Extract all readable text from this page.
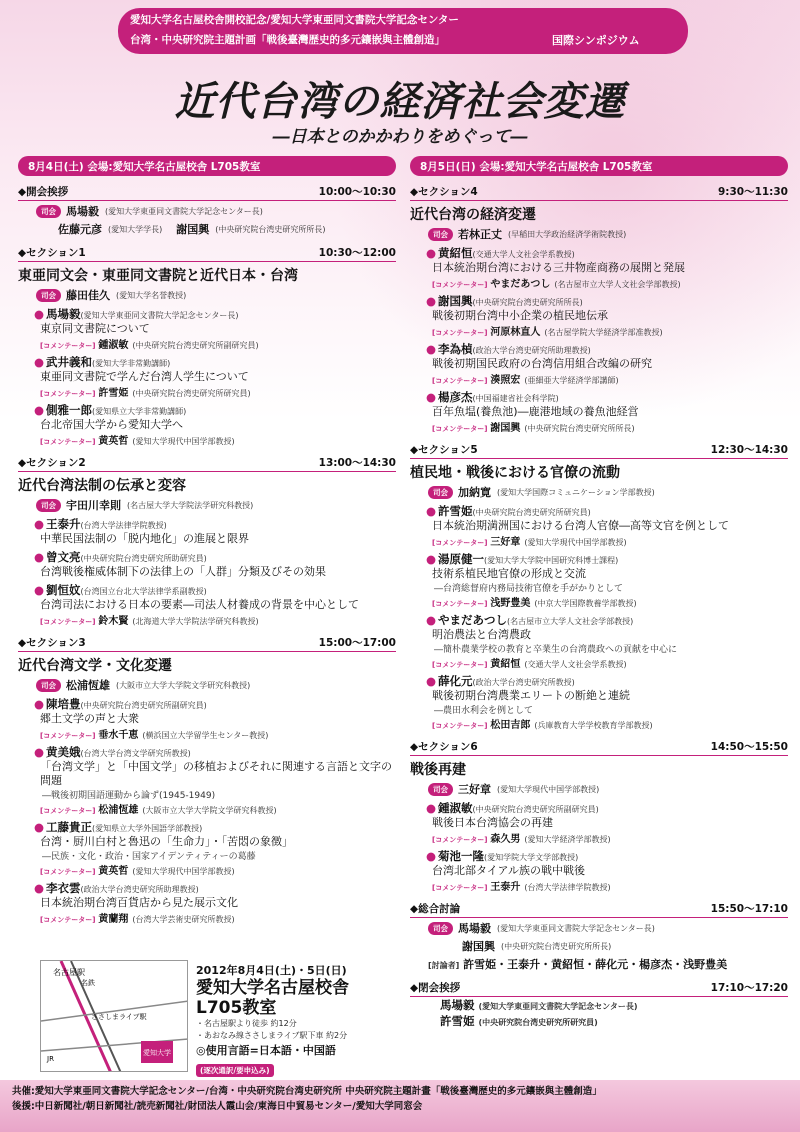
愛知大学名古屋校舎開校記念/愛知大学東亜同文書院大学記念センター
台湾・中央研究院主題計画「戦後臺灣歴史的多元鑲嵌與主體創造」	国際シンポジウム
近代台湾の経済社会変遷
―日本とのかかわりをめぐって―
8月4日(土) 会場:愛知大学名古屋校舎 L705教室
◆開会挨拶	10:00～10:30
司会 馬場毅 (愛知大学東亜同文書院大学記念センター長)
佐藤元彦 (愛知大学学長) 謝国興 (中央研究院台湾史研究所所長)
◆セクション1	10:30～12:00
東亜同文会・東亜同文書院と近代日本・台湾
司会 藤田佳久 (愛知大学名誉教授)
● 馬場毅(愛知大学東亜同文書院大学記念センター長)
東京同文書院について
[コメンテーター] 鍾淑敏 (中央研究院台湾史研究所副研究員)
● 武井義和(愛知大学非常勤講師)
東亜同文書院で学んだ台湾人学生について
[コメンテーター] 許雪姫 (中央研究院台湾史研究所研究員)
● 側雅一郎(愛知県立大学非常勤講師)
台北帝国大学から愛知大学へ
[コメンテーター] 黄英哲 (愛知大学現代中国学部教授)
◆セクション2	13:00～14:30
近代台湾法制の伝承と変容
司会 宇田川幸則 (名古屋大学大学院法学研究科教授)
● 王泰升(台湾大学法律学院教授)
中華民国法制の「脱内地化」の進展と限界
● 曾文亮(中央研究院台湾史研究所助研究員)
台湾戦後権威体制下の法律上の「人群」分類及びその効果
● 劉恒妏(台湾国立台北大学法律学系副教授)
台湾司法における日本の要素―司法人材養成の背景を中心として
[コメンテーター] 鈴木賢 (北海道大学大学院法学研究科教授)
◆セクション3	15:00～17:00
近代台湾文学・文化変遷
司会 松浦恆雄 (大阪市立大学大学院文学研究科教授)
● 陳培豊(中央研究院台湾史研究所副研究員)
郷土文学の声と大衆
[コメンテーター] 垂水千恵 (横浜国立大学留学生センター教授)
● 黄美娥(台湾大学台湾文学研究所教授)
「台湾文学」と「中国文学」の移植およびそれに関連する言語と文字の問題
―戦後初期国語運動から論ず(1945-1949)
[コメンテーター] 松浦恆雄 (大阪市立大学大学院文学研究科教授)
● 工藤貴正(愛知県立大学外国語学部教授)
台湾・厨川白村と魯迅の「生命力」・「苦悶の象徴」
―民族・文化・政治・国家アイデンティティーの葛藤
[コメンテーター] 黄英哲 (愛知大学現代中国学部教授)
● 李衣雲(政治大学台湾史研究所助理教授)
日本統治期台湾百貨店から見た展示文化
[コメンテーター] 黄蘭翔 (台湾大学芸術史研究所教授)
8月5日(日) 会場:愛知大学名古屋校舎 L705教室
◆セクション4	9:30～11:30
近代台湾の経済変遷
司会 若林正丈 (早稲田大学政治経済学術院教授)
● 黄紹恒(交通大学人文社会学系教授)
日本統治期台湾における三井物産商務の展開と発展
[コメンテーター] やまだあつし (名古屋市立大学人文社会学部教授)
● 謝国興(中央研究院台湾史研究所所長)
戦後初期台湾中小企業の植民地伝承
[コメンテーター] 河原林直人 (名古屋学院大学経済学部准教授)
● 李為楨(政治大学台湾史研究所助理教授)
戦後初期国民政府の台湾信用組合改編の研究
[コメンテーター] 湊照宏 (亜細亜大学経済学部講師)
● 楊彦杰(中国福建省社会科学院)
百年魚塭(養魚池)―鹿港地域の養魚池経営
[コメンテーター] 謝国興 (中央研究院台湾史研究所所長)
◆セクション5	12:30～14:30
植民地・戦後における官僚の流動
司会 加納寛 (愛知大学国際コミュニケーション学部教授)
● 許雪姫(中央研究院台湾史研究所研究員)
日本統治期満洲国における台湾人官僚―高等文官を例として
[コメンテーター] 三好章 (愛知大学現代中国学部教授)
● 湯原健一(愛知大学大学院中国研究科博士課程)
技術系植民地官僚の形成と交流
―台湾総督府内務局技術官僚を手がかりとして
[コメンテーター] 浅野豊美 (中京大学国際教養学部教授)
● やまだあつし(名古屋市立大学人文社会学部教授)
明治農法と台湾農政
―簡朴農業学校の教育と卒業生の台湾農政への貢献を中心に
[コメンテーター] 黄紹恒 (交通大学人文社会学系教授)
● 薛化元(政治大学台湾史研究所教授)
戦後初期台湾農業エリートの断絶と連続
―農田水利会を例として
[コメンテーター] 松田吉郎 (兵庫教育大学学校教育学部教授)
◆セクション6	14:50～15:50
戦後再建
司会 三好章 (愛知大学現代中国学部教授)
● 鍾淑敏(中央研究院台湾史研究所副研究員)
戦後日本台湾協会の再建
[コメンテーター] 森久男 (愛知大学経済学部教授)
● 菊池一隆(愛知学院大学文学部教授)
台湾北部タイアル族の戦中戦後
[コメンテーター] 王泰升 (台湾大学法律学院教授)
◆総合討論	15:50～17:10
司会 馬場毅 (愛知大学東亜同文書院大学記念センター長)
謝国興 (中央研究院台湾史研究所所長)
[討論者] 許雪姫・王泰升・黄紹恒・薛化元・楊彦杰・浅野豊美
◆閉会挨拶	17:10～17:20
馬場毅 (愛知大学東亜同文書院大学記念センター長)
許雪姫 (中央研究院台湾史研究所研究員)
名古屋駅
ささしまライブ駅
愛知大学
JR
名鉄
2012年8月4日(土)・5日(日)
愛知大学名古屋校舎
L705教室
・名古屋駅より徒歩 約12分
・あおなみ線ささしまライブ駅下車 約2分
◎使用言語=日本語・中国語
(逐次通訳/要申込み)
共催:愛知大学東亜同文書院大学記念センター/台湾・中央研究院台湾史研究所 中央研究院主題計畫「戦後臺灣歴史的多元鑲嵌與主體創造」
後援:中日新聞社/朝日新聞社/読売新聞社/財団法人霞山会/東海日中貿易センター/愛知大学同窓会
